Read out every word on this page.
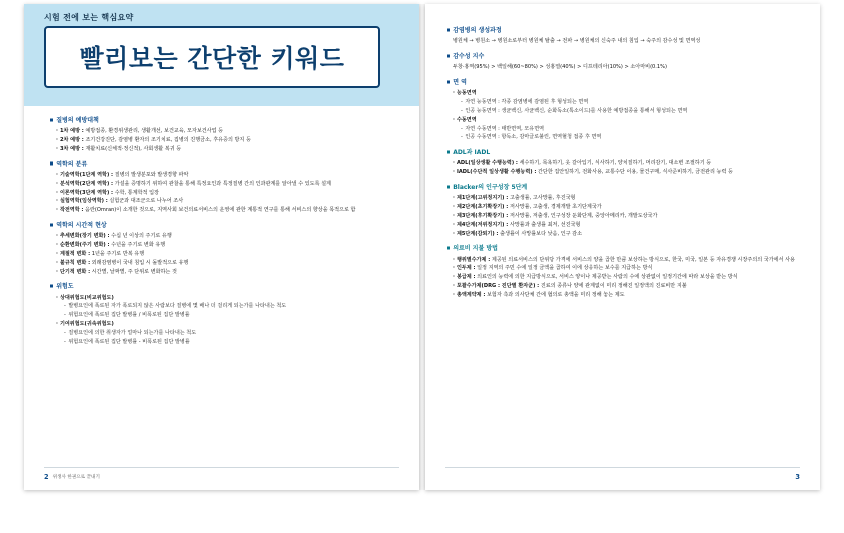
시험 전에 보는 핵심요약
빨리보는 간단한 키워드
질병의 예방대책
· 1차 예방 : 예방접종, 환경위생관리, 생활개선, 보건교육, 모자보건사업 등
· 2차 예방 : 조기건강진단, 감염병 환자의 조기치료, 집병의 진행금소, 후유증의 방지 등
· 3차 예방 : 재활치료(신체적·정신적), 사회생활 복귀 등
역학의 분류
· 기술역학(1단계 역학) : 질병의 발생분포와 발생경향 파악
· 분석역학(2단계 역학) : 가설을 증명하기 위하여 관찰을 통해 특정요인과 특정질병 간의 인과관계를 알아낼 수 있도록 설계
· 이론역학(3단계 역학) : 수학, 통계학적 입장
· 실험역학(임상역학) : 실험군과 대조군으로 나누어 조사
· 작전역학 : 옴란(Omran)이 소개한 것으로, 지역사회 보건의료서비스의 운영에 관한 계통적 연구를 통해 서비스의 향상을 목적으로 함
역학의 시간적 현상
· 추세변화(장기 변화) : 수십 년 이상의 주기로 유행
· 순환변화(주기 변화) : 수년을 주기로 변화 유행
· 계절적 변화 : 1년을 주기로 반복 유행
· 불규칙 변화 : 외래감염병이 국내 침입 시 돌발적으로 유행
· 단기적 변화 : 시간별, 날짜별, 주 단위로 변화하는 것
위험도
· 상대위험도(비교위험도)
- 발병요인에 폭로된 자가 폭로되지 않은 사람보다 질병에 몇 배나 더 걸리게 되는가를 나타내는 척도
- 위험요인에 폭로된 집단 발병률 / 비폭로된 집단 발병률
· 기여위험도(귀속위험도)
- 질병요인에 의한 취생자가 얼마나 되는가를 나타내는 척도
- 위험요인에 폭로된 집단 발병률 - 비폭로된 집단 발병률
2 위생사 한권으로 끝내기
감염병의 생성과정
병원체 → 병원소 → 병원소로부터 병원체 탈출 → 전파 → 병원체의 신숙주 내의 침입 → 숙주의 감수성 및 면역성
감수성 지수
두창·홍역(95%) > 백일해(60~80%) > 성홍열(40%) > 디프테리아(10%) > 소아마비(0.1%)
면 역
· 능동면역
- 자연 능동면역 : 각종 감염병에 감염된 후 형성되는 면역
- 인공 능동면역 : 생균백신, 사균백신, 순화독소(톡소이드)를 사용한 예방접종을 통해서 형성되는 면역
· 수동면역
- 자연 수동면역 : 태반면역, 모유면역
- 인공 수동면역 : 항독소, 감마글로불린, 면역혈청 접종 후 면역
ADL과 IADL
· ADL(일상생활 수행능력) : 세수하기, 목욕하기, 옷 갈아입기, 식사하기, 양치질하기, 머리감기, 대소변 조절하기 등
· IADL(수단적 일상생활 수행능력) : 간단한 집안일하기, 전화사용, 교통수단 이용, 물건구매, 식사준비하기, 금전관리 능력 등
Blacker의 인구성장 5단계
· 제1단계(고위정지기) : 고출생률, 고사망률, 후진국형
· 제2단계(초기확장기) : 저사망률, 고출생, 경제개발 초기단계국가
· 제3단계(후기확장기) : 저사망률, 저출생, 인구성장 둔화단계, 중앙아메리카, 개발도상국가
· 제4단계(저위정지기) : 사망률과 출생률 최저, 선진국형
· 제5단계(감퇴기) : 출생률이 사망률보다 낮음, 인구 감소
의료비 지불 방법
· 행위별수가제 : 제공된 의료서비스의 단위당 가격에 서비스의 양을 곱한 만큼 보상하는 방식으로, 한국, 미국, 일본 등 자유경쟁 시장주의의 국가에서 사용
· 인두제 : 일정 지역의 주민 수에 일정 금액을 곱하여 이에 상응하는 보수를 지급하는 방식
· 봉급제 : 의료인의 능력에 의한 지급방식으로, 서비스 양이나 제공받는 사람의 수에 상관없이 일정기간에 따라 보상을 받는 방식
· 포괄수가제(DRG : 진단별 환자군) : 진료의 종류나 양에 관계없이 미리 정해진 일정액의 진료비만 지불
· 총액계약제 : 보험자 측과 의사단체 간에 협의로 총액을 미리 정해 놓는 제도
3
